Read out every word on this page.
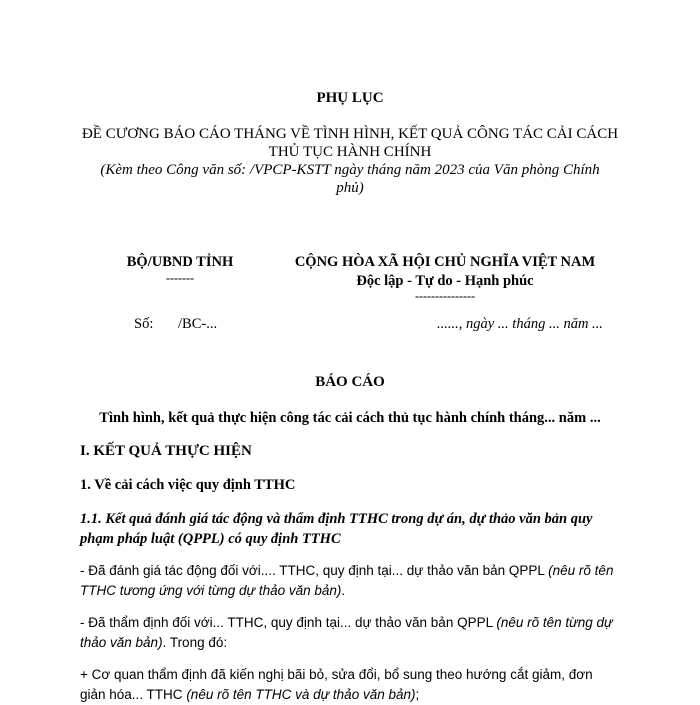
PHỤ LỤC
ĐỀ CƯƠNG BÁO CÁO THÁNG VỀ TÌNH HÌNH, KẾT QUẢ CÔNG TÁC CẢI CÁCH
THỦ TỤC HÀNH CHÍNH
(Kèm theo Công văn số: /VPCP-KSTT ngày tháng năm 2023 của Văn phòng Chính
phủ)
BỘ/UBND TỈNH
-------
CỘNG HÒA XÃ HỘI CHỦ NGHĨA VIỆT NAM
Độc lập - Tự do - Hạnh phúc
---------------
Số: /BC-...	......, ngày ... tháng ... năm ...
BÁO CÁO
Tình hình, kết quả thực hiện công tác cải cách thủ tục hành chính tháng... năm ...
I. KẾT QUẢ THỰC HIỆN
1. Về cải cách việc quy định TTHC
1.1. Kết quả đánh giá tác động và thẩm định TTHC trong dự án, dự thảo văn bản quy phạm pháp luật (QPPL) có quy định TTHC
- Đã đánh giá tác động đối với.... TTHC, quy định tại... dự thảo văn bản QPPL (nêu rõ tên TTHC tương ứng với từng dự thảo văn bản).
- Đã thẩm định đối với... TTHC, quy định tại... dự thảo văn bản QPPL (nêu rõ tên từng dự thảo văn bản). Trong đó:
+ Cơ quan thẩm định đã kiến nghị bãi bỏ, sửa đổi, bổ sung theo hướng cắt giảm, đơn giản hóa... TTHC (nêu rõ tên TTHC và dự thảo văn bản);
